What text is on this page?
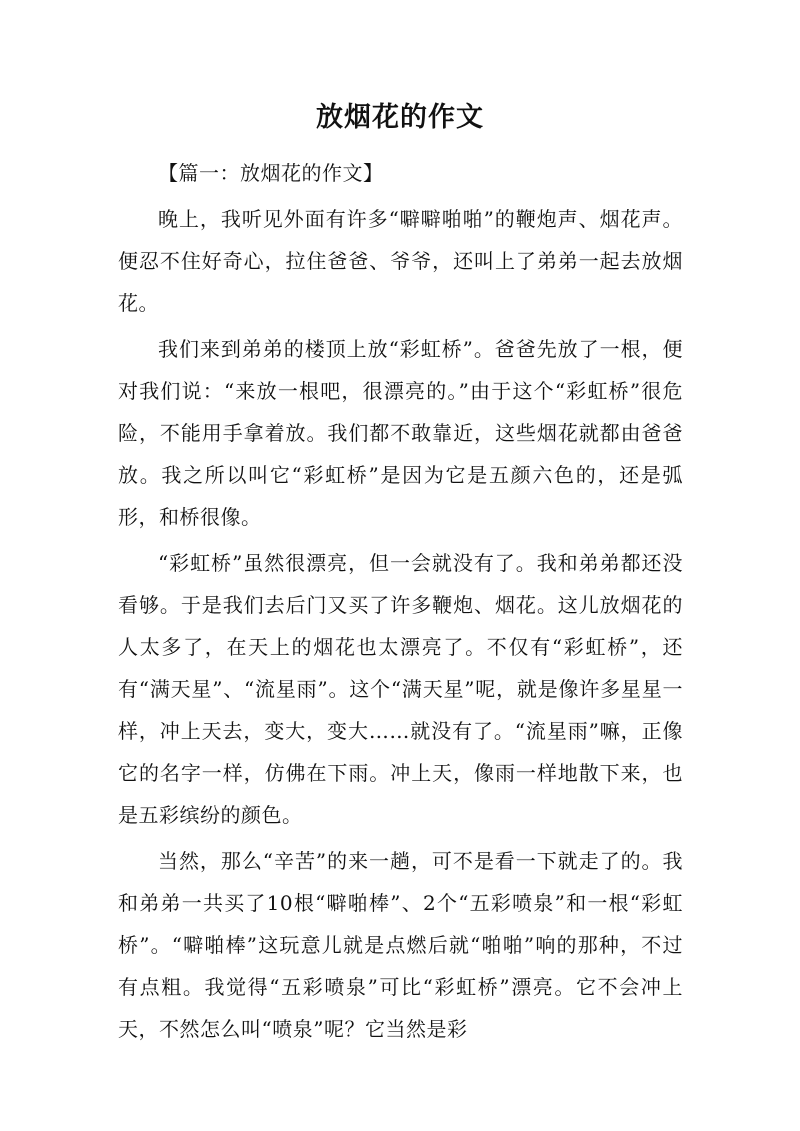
放烟花的作文

【篇一：放烟花的作文】

晚上，我听见外面有许多“噼噼啪啪”的鞭炮声、烟花声。便忍不住好奇心，拉住爸爸、爷爷，还叫上了弟弟一起去放烟花。

我们来到弟弟的楼顶上放“彩虹桥”。爸爸先放了一根，便对我们说：“来放一根吧，很漂亮的。”由于这个“彩虹桥”很危险，不能用手拿着放。我们都不敢靠近，这些烟花就都由爸爸放。我之所以叫它“彩虹桥”是因为它是五颜六色的，还是弧形，和桥很像。

“彩虹桥”虽然很漂亮，但一会就没有了。我和弟弟都还没看够。于是我们去后门又买了许多鞭炮、烟花。这儿放烟花的人太多了，在天上的烟花也太漂亮了。不仅有“彩虹桥”，还有“满天星”、“流星雨”。这个“满天星”呢，就是像许多星星一样，冲上天去，变大，变大……就没有了。“流星雨”嘛，正像它的名字一样，仿佛在下雨。冲上天，像雨一样地散下来，也是五彩缤纷的颜色。

当然，那么“辛苦”的来一趟，可不是看一下就走了的。我和弟弟一共买了10根“噼啪棒”、2个“五彩喷泉”和一根“彩虹桥”。“噼啪棒”这玩意儿就是点燃后就“啪啪”响的那种，不过有点粗。我觉得“五彩喷泉”可比“彩虹桥”漂亮。它不会冲上天，不然怎么叫“喷泉”呢？它当然是彩
